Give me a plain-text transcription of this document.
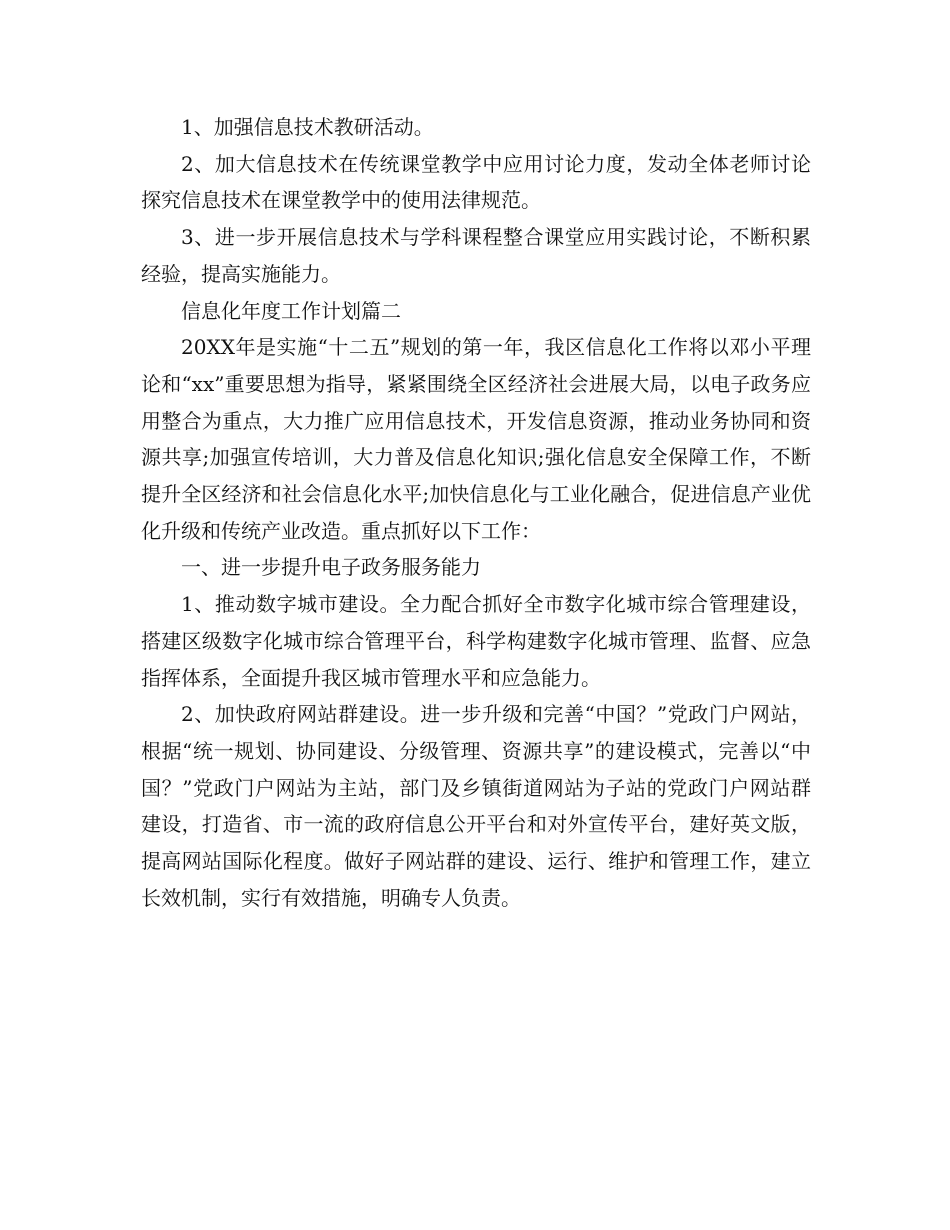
1、加强信息技术教研活动。

2、加大信息技术在传统课堂教学中应用讨论力度，发动全体老师讨论探究信息技术在课堂教学中的使用法律规范。

3、进一步开展信息技术与学科课程整合课堂应用实践讨论，不断积累经验，提高实施能力。

信息化年度工作计划篇二

20XX年是实施“十二五”规划的第一年，我区信息化工作将以邓小平理论和“xx”重要思想为指导，紧紧围绕全区经济社会进展大局，以电子政务应用整合为重点，大力推广应用信息技术，开发信息资源，推动业务协同和资源共享;加强宣传培训，大力普及信息化知识;强化信息安全保障工作，不断提升全区经济和社会信息化水平;加快信息化与工业化融合，促进信息产业优化升级和传统产业改造。重点抓好以下工作：

一、进一步提升电子政务服务能力

1、推动数字城市建设。全力配合抓好全市数字化城市综合管理建设，搭建区级数字化城市综合管理平台，科学构建数字化城市管理、监督、应急指挥体系，全面提升我区城市管理水平和应急能力。

2、加快政府网站群建设。进一步升级和完善“中国？”党政门户网站，根据“统一规划、协同建设、分级管理、资源共享”的建设模式，完善以“中国？”党政门户网站为主站，部门及乡镇街道网站为子站的党政门户网站群建设，打造省、市一流的政府信息公开平台和对外宣传平台，建好英文版，提高网站国际化程度。做好子网站群的建设、运行、维护和管理工作，建立长效机制，实行有效措施，明确专人负责。
